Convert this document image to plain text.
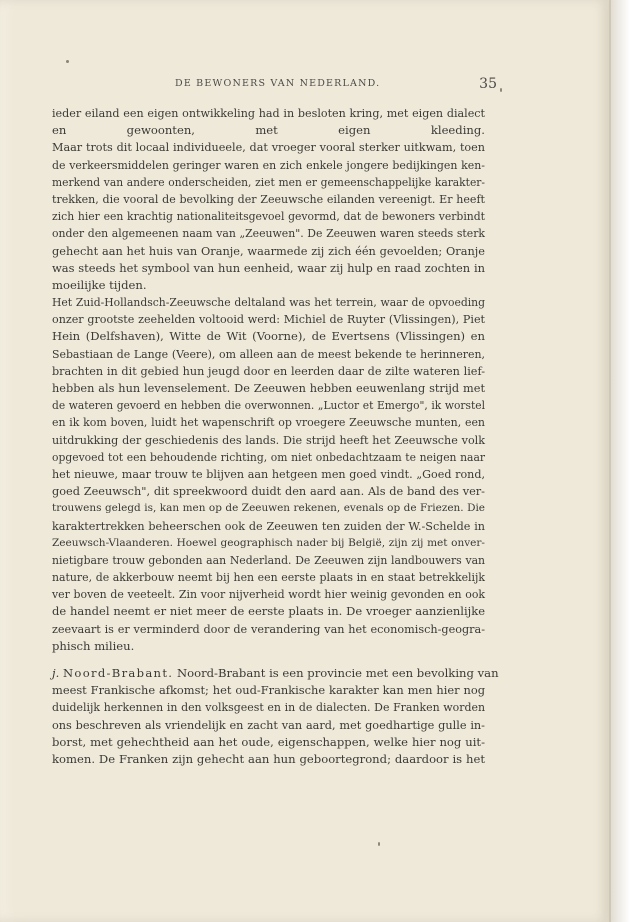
DE BEWONERS VAN NEDERLAND.	35
ieder eiland een eigen ontwikkeling had in besloten kring, met eigen dialect
en gewoonten, met eigen kleeding.
Maar trots dit locaal individueele, dat vroeger vooral sterker uitkwam, toen
de verkeersmiddelen geringer waren en zich enkele jongere bedijkingen ken-
merkend van andere onderscheiden, ziet men er gemeenschappelijke karakter-
trekken, die vooral de bevolking der Zeeuwsche eilanden vereenigt. Er heeft
zich hier een krachtig nationaliteitsgevoel gevormd, dat de bewoners verbindt
onder den algemeenen naam van „Zeeuwen". De Zeeuwen waren steeds sterk
gehecht aan het huis van Oranje, waarmede zij zich één gevoelden; Oranje
was steeds het symbool van hun eenheid, waar zij hulp en raad zochten in
moeilijke tijden.
Het Zuid-Hollandsch-Zeeuwsche deltaland was het terrein, waar de opvoeding
onzer grootste zeehelden voltooid werd: Michiel de Ruyter (Vlissingen), Piet
Hein (Delfshaven), Witte de Wit (Voorne), de Evertsens (Vlissingen) en
Sebastiaan de Lange (Veere), om alleen aan de meest bekende te herinneren,
brachten in dit gebied hun jeugd door en leerden daar de zilte wateren lief-
hebben als hun levenselement. De Zeeuwen hebben eeuwenlang strijd met
de wateren gevoerd en hebben die overwonnen. „Luctor et Emergo", ik worstel
en ik kom boven, luidt het wapenschrift op vroegere Zeeuwsche munten, een
uitdrukking der geschiedenis des lands. Die strijd heeft het Zeeuwsche volk
opgevoed tot een behoudende richting, om niet onbedachtzaam te neigen naar
het nieuwe, maar trouw te blijven aan hetgeen men goed vindt. „Goed rond,
goed Zeeuwsch", dit spreekwoord duidt den aard aan. Als de band des ver-
trouwens gelegd is, kan men op de Zeeuwen rekenen, evenals op de Friezen. Die
karaktertrekken beheerschen ook de Zeeuwen ten zuiden der W.-Schelde in
Zeeuwsch-Vlaanderen. Hoewel geographisch nader bij België, zijn zij met onver-
nietigbare trouw gebonden aan Nederland. De Zeeuwen zijn landbouwers van
nature, de akkerbouw neemt bij hen een eerste plaats in en staat betrekkelijk
ver boven de veeteelt. Zin voor nijverheid wordt hier weinig gevonden en ook
de handel neemt er niet meer de eerste plaats in. De vroeger aanzienlijke
zeevaart is er verminderd door de verandering van het economisch-geogra-
phisch milieu.
j. Noord-Brabant. Noord-Brabant is een provincie met een bevolking van
meest Frankische afkomst; het oud-Frankische karakter kan men hier nog
duidelijk herkennen in den volksgeest en in de dialecten. De Franken worden
ons beschreven als vriendelijk en zacht van aard, met goedhartige gulle in-
borst, met gehechtheid aan het oude, eigenschappen, welke hier nog uit-
komen. De Franken zijn gehecht aan hun geboortegrond; daardoor is het
